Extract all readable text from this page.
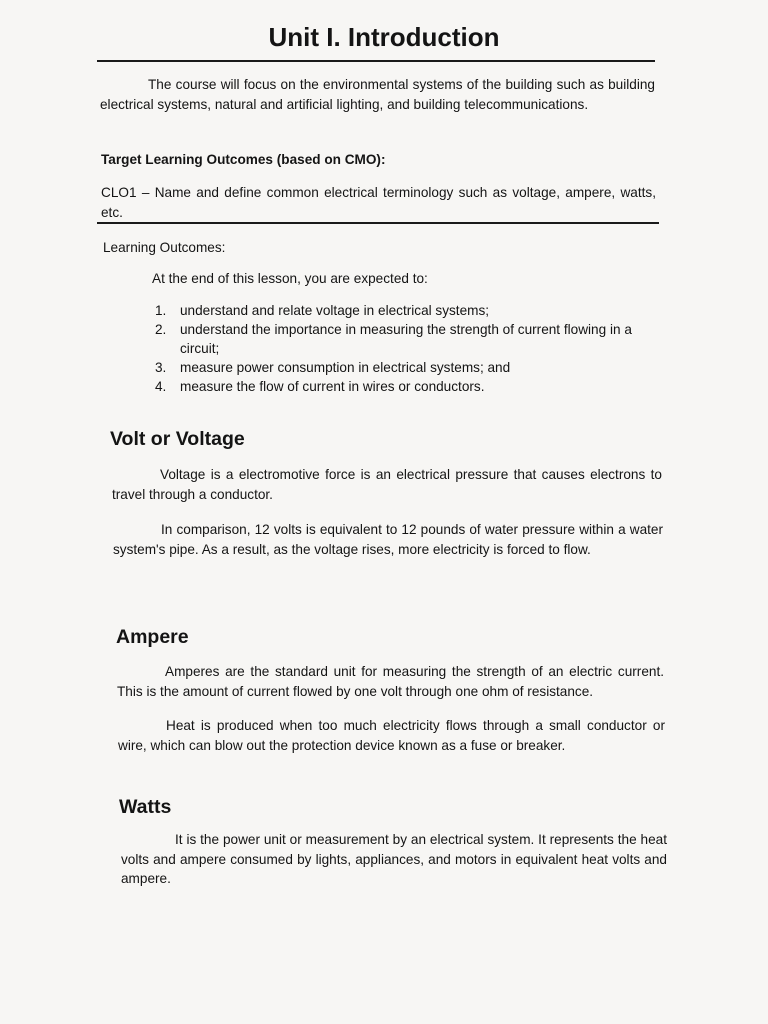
Unit I. Introduction
The course will focus on the environmental systems of the building such as building electrical systems, natural and artificial lighting, and building telecommunications.
Target Learning Outcomes (based on CMO):
CLO1 – Name and define common electrical terminology such as voltage, ampere, watts, etc.
Learning Outcomes:
At the end of this lesson, you are expected to:
1. understand and relate voltage in electrical systems;
2. understand the importance in measuring the strength of current flowing in a circuit;
3. measure power consumption in electrical systems; and
4. measure the flow of current in wires or conductors.
Volt or Voltage
Voltage is a electromotive force is an electrical pressure that causes electrons to travel through a conductor.
In comparison, 12 volts is equivalent to 12 pounds of water pressure within a water system's pipe. As a result, as the voltage rises, more electricity is forced to flow.
Ampere
Amperes are the standard unit for measuring the strength of an electric current. This is the amount of current flowed by one volt through one ohm of resistance.
Heat is produced when too much electricity flows through a small conductor or wire, which can blow out the protection device known as a fuse or breaker.
Watts
It is the power unit or measurement by an electrical system. It represents the heat volts and ampere consumed by lights, appliances, and motors in equivalent heat volts and ampere.
